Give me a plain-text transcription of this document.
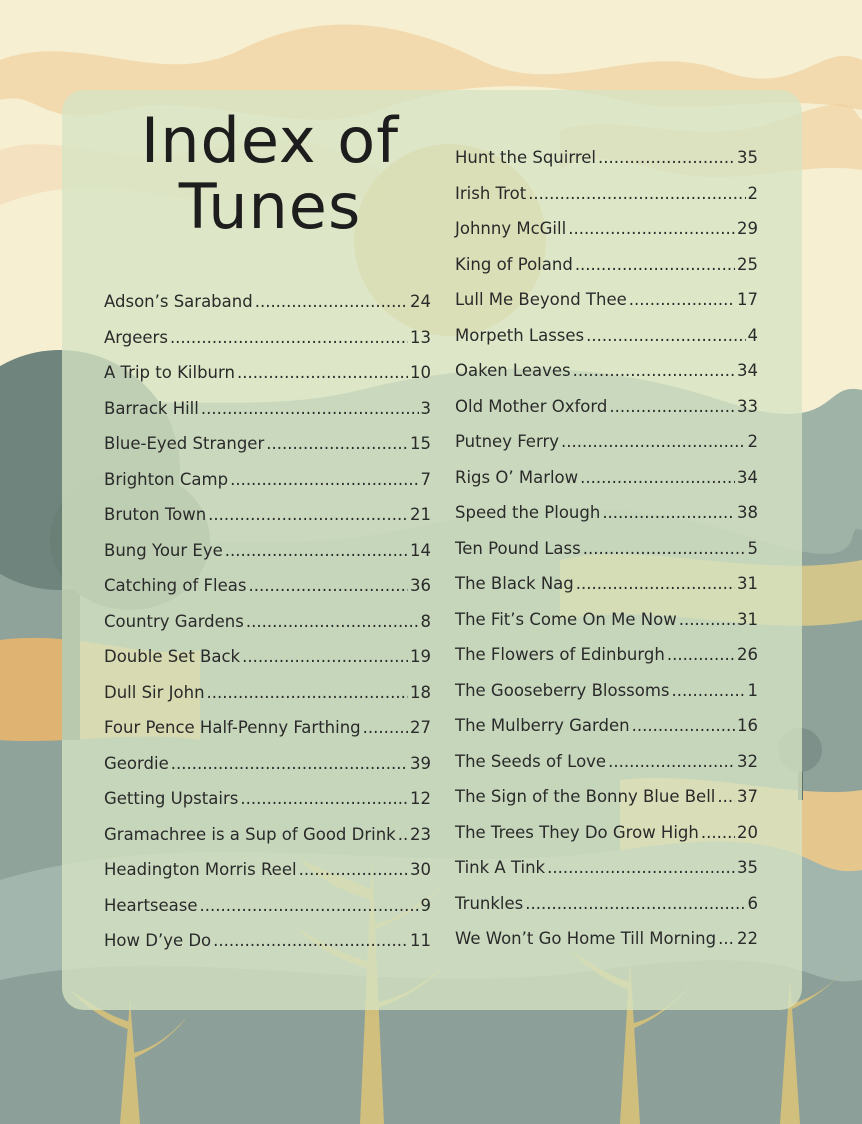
Index of
Tunes
Adson’s Saraband .....	24
Argeers .....	13
A Trip to Kilburn .....	10
Barrack Hill .....	3
Blue-Eyed Stranger .....	15
Brighton Camp .....	7
Bruton Town .....	21
Bung Your Eye .....	14
Catching of Fleas .....	36
Country Gardens .....	8
Double Set Back .....	19
Dull Sir John .....	18
Four Pence Half-Penny Farthing .....	27
Geordie .....	39
Getting Upstairs .....	12
Gramachree is a Sup of Good Drink ..... 23
Headington Morris Reel .....	30
Heartsease .....	9
How D’ye Do .....	11
Hunt the Squirrel .....	35
Irish Trot .....	2
Johnny McGill .....	29
King of Poland .....	25
Lull Me Beyond Thee .....	17
Morpeth Lasses .....	4
Oaken Leaves .....	34
Old Mother Oxford .....	33
Putney Ferry .....	2
Rigs O’ Marlow .....	34
Speed the Plough .....	38
Ten Pound Lass .....	5
The Black Nag .....	31
The Fit’s Come On Me Now .....	31
The Flowers of Edinburgh .....	26
The Gooseberry Blossoms .....	1
The Mulberry Garden .....	16
The Seeds of Love .....	32
The Sign of the Bonny Blue Bell ..... 37
The Trees They Do Grow High ..... 20
Tink A Tink .....	35
Trunkles .....	6
We Won’t Go Home Till Morning ..... 22
